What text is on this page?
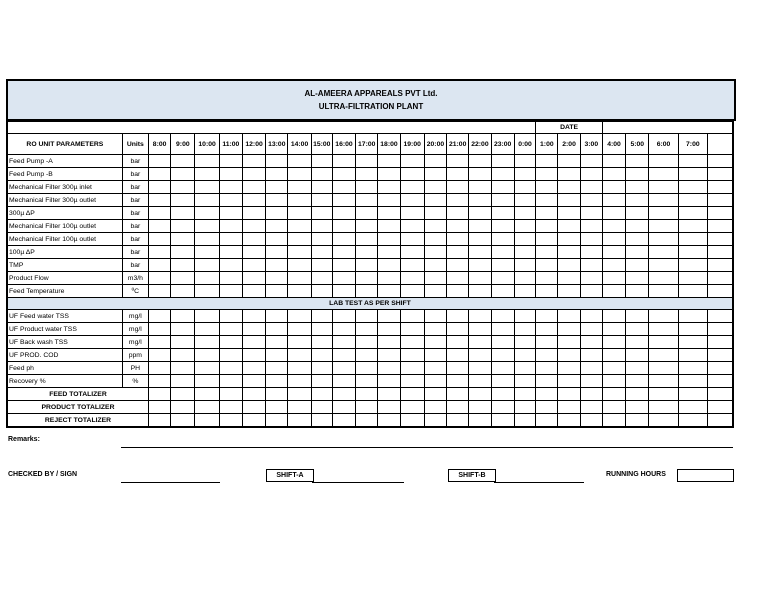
AL-AMEERA APPAREALS PVT Ltd.
ULTRA-FILTRATION PLANT
																			DATE							
RO UNIT PARAMETERS	Units	8:00	9:00	10:00	11:00	12:00	13:00	14:00	15:00	16:00	17:00	18:00	19:00	20:00	21:00	22:00	23:00	0:00	1:00	2:00	3:00	4:00	5:00	6:00	7:00	
Feed Pump -A	bar																									
Feed Pump -B	bar																									
Mechanical Filter 300µ inlet	bar																									
Mechanical Filter 300µ outlet	bar																									
300µ ΔP	bar																									
Mechanical Filter 100µ outlet	bar																									
Mechanical Filter 100µ outlet	bar																									
100µ ΔP	bar																									
TMP	bar																									
Product Flow	m3/h																									
Feed Temperature	ºC																									
LAB TEST AS PER SHIFT																										
UF Feed water TSS	mg/l																									
UF Product water TSS	mg/l																									
UF Back wash TSS	mg/l																									
UF PROD. COD	ppm																									
Feed ph	PH																									
Recovery %	%																									
FEED TOTALIZER																										
PRODUCT TOTALIZER																										
REJECT TOTALIZER																										
Remarks:
CHECKED BY / SIGN	SHIFT-A	SHIFT-B	RUNNING HOURS
